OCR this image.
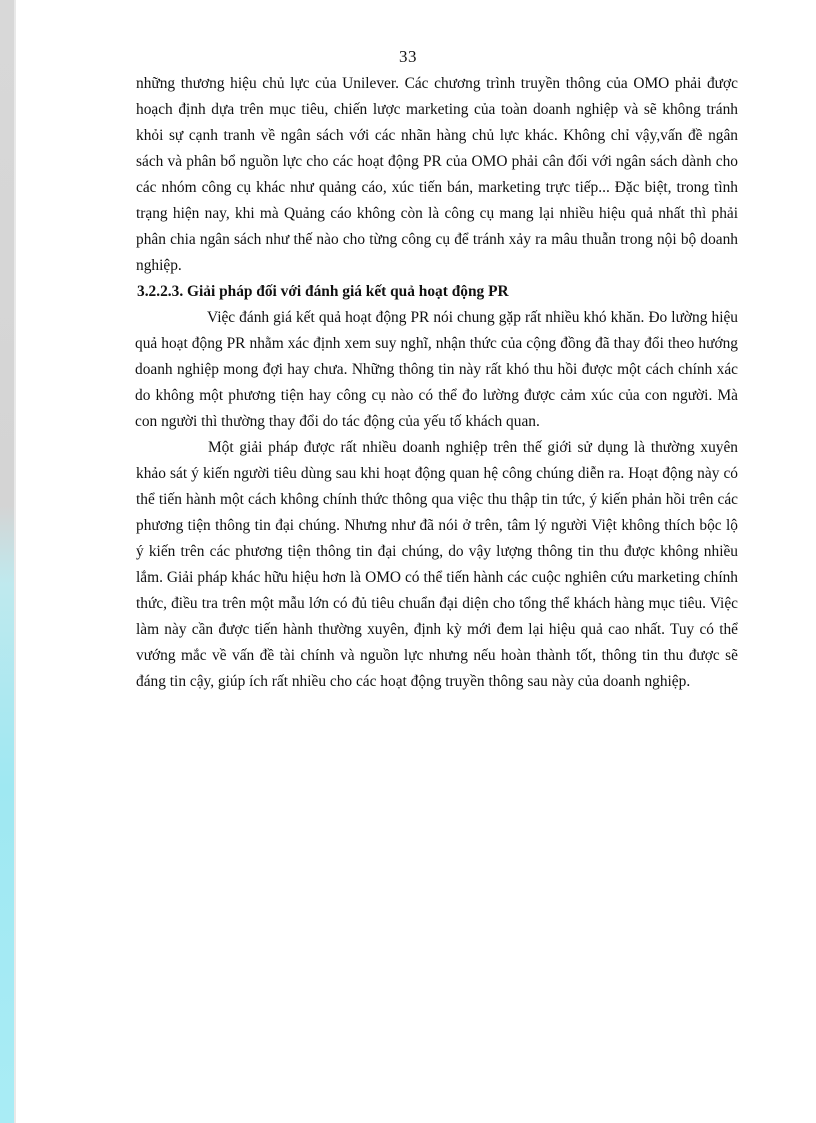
33

những thương hiệu chủ lực của Unilever. Các chương trình truyền thông của OMO phải được hoạch định dựa trên mục tiêu, chiến lược marketing của toàn doanh nghiệp và sẽ không tránh khỏi sự cạnh tranh về ngân sách với các nhãn hàng chủ lực khác. Không chỉ vậy,vấn đề ngân sách và phân bổ nguồn lực cho các hoạt động PR của OMO phải cân đối với ngân sách dành cho các nhóm công cụ khác như quảng cáo, xúc tiến bán, marketing trực tiếp... Đặc biệt, trong tình trạng hiện nay, khi mà Quảng cáo không còn là công cụ mang lại nhiều hiệu quả nhất thì phải phân chia ngân sách như thế nào cho từng công cụ để tránh xảy ra mâu thuẫn trong nội bộ doanh nghiệp.

3.2.2.3. Giải pháp đối với đánh giá kết quả hoạt động PR

Việc đánh giá kết quả hoạt động PR nói chung gặp rất nhiều khó khăn. Đo lường hiệu quả hoạt động PR nhằm xác định xem suy nghĩ, nhận thức của cộng đồng đã thay đổi theo hướng doanh nghiệp mong đợi hay chưa. Những thông tin này rất khó thu hồi được một cách chính xác do không một phương tiện hay công cụ nào có thể đo lường được cảm xúc của con người. Mà con người thì thường thay đổi do tác động của yếu tố khách quan.

Một giải pháp được rất nhiều doanh nghiệp trên thế giới sử dụng là thường xuyên khảo sát ý kiến người tiêu dùng sau khi hoạt động quan hệ công chúng diễn ra. Hoạt động này có thể tiến hành một cách không chính thức thông qua việc thu thập tin tức, ý kiến phản hồi trên các phương tiện thông tin đại chúng. Nhưng như đã nói ở trên, tâm lý người Việt không thích bộc lộ ý kiến trên các phương tiện thông tin đại chúng, do vậy lượng thông tin thu được không nhiều lắm. Giải pháp khác hữu hiệu hơn là OMO có thể tiến hành các cuộc nghiên cứu marketing chính thức, điều tra trên một mẫu lớn có đủ tiêu chuẩn đại diện cho tổng thể khách hàng mục tiêu. Việc làm này cần được tiến hành thường xuyên, định kỳ mới đem lại hiệu quả cao nhất. Tuy có thể vướng mắc về vấn đề tài chính và nguồn lực nhưng nếu hoàn thành tốt, thông tin thu được sẽ đáng tin cậy, giúp ích rất nhiều cho các hoạt động truyền thông sau này của doanh nghiệp.
